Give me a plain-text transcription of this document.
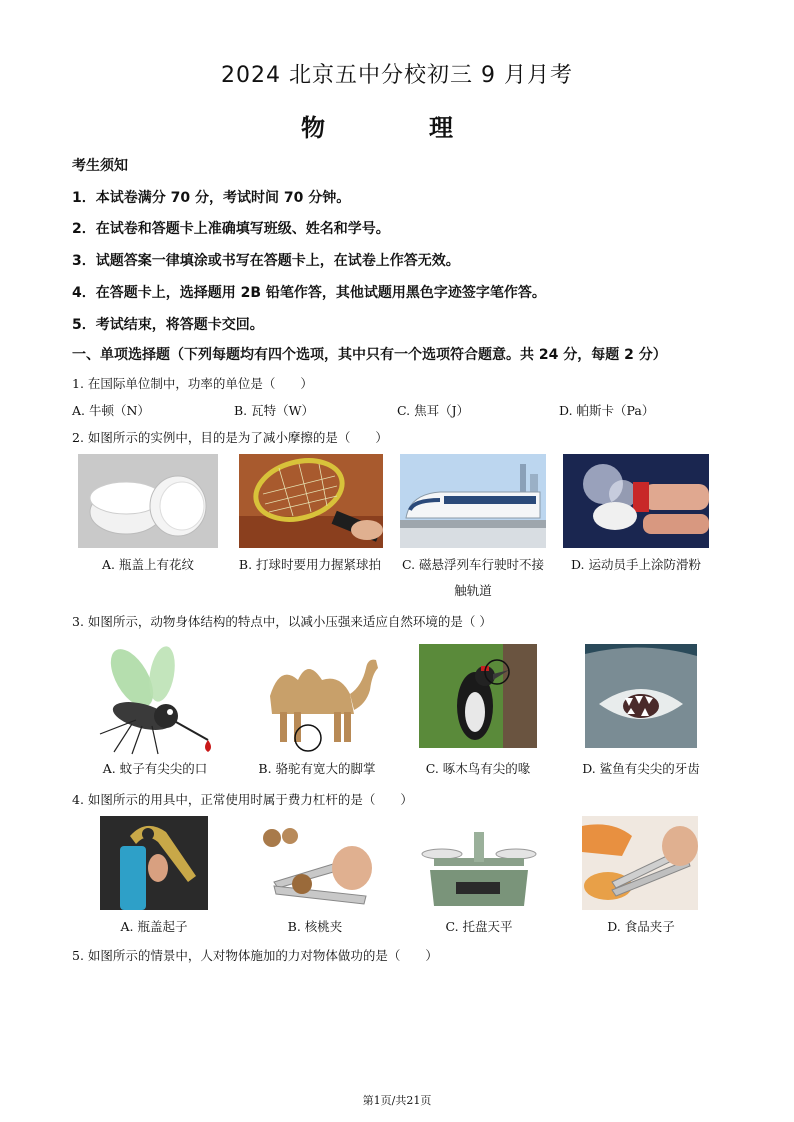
2024 北京五中分校初三 9 月月考
物　理
考生须知
1．本试卷满分 70 分，考试时间 70 分钟。
2．在试卷和答题卡上准确填写班级、姓名和学号。
3．试题答案一律填涂或书写在答题卡上，在试卷上作答无效。
4．在答题卡上，选择题用 2B 铅笔作答，其他试题用黑色字迹签字笔作答。
5．考试结束，将答题卡交回。
一、单项选择题（下列每题均有四个选项，其中只有一个选项符合题意。共 24 分，每题 2 分）
1. 在国际单位制中，功率的单位是（　　）
A. 牛顿（N）	B. 瓦特（W）	C. 焦耳（J）	D. 帕斯卡（Pa）
2. 如图所示的实例中，目的是为了减小摩擦的是（　　）
A. 瓶盖上有花纹	B. 打球时要用力握紧球拍	C. 磁悬浮列车行驶时不接触轨道
D. 运动员手上涂防滑粉
3. 如图所示，动物身体结构的特点中，以减小压强来适应自然环境的是（ ）
A. 蚊子有尖尖的口	B. 骆驼有宽大的脚掌	C. 啄木鸟有尖的喙	D. 鲨鱼有尖尖的牙齿
4. 如图所示的用具中，正常使用时属于费力杠杆的是（　　）
A. 瓶盖起子	B. 核桃夹	C. 托盘天平	D. 食品夹子
5. 如图所示的情景中，人对物体施加的力对物体做功的是（　　）
第1页/共21页
